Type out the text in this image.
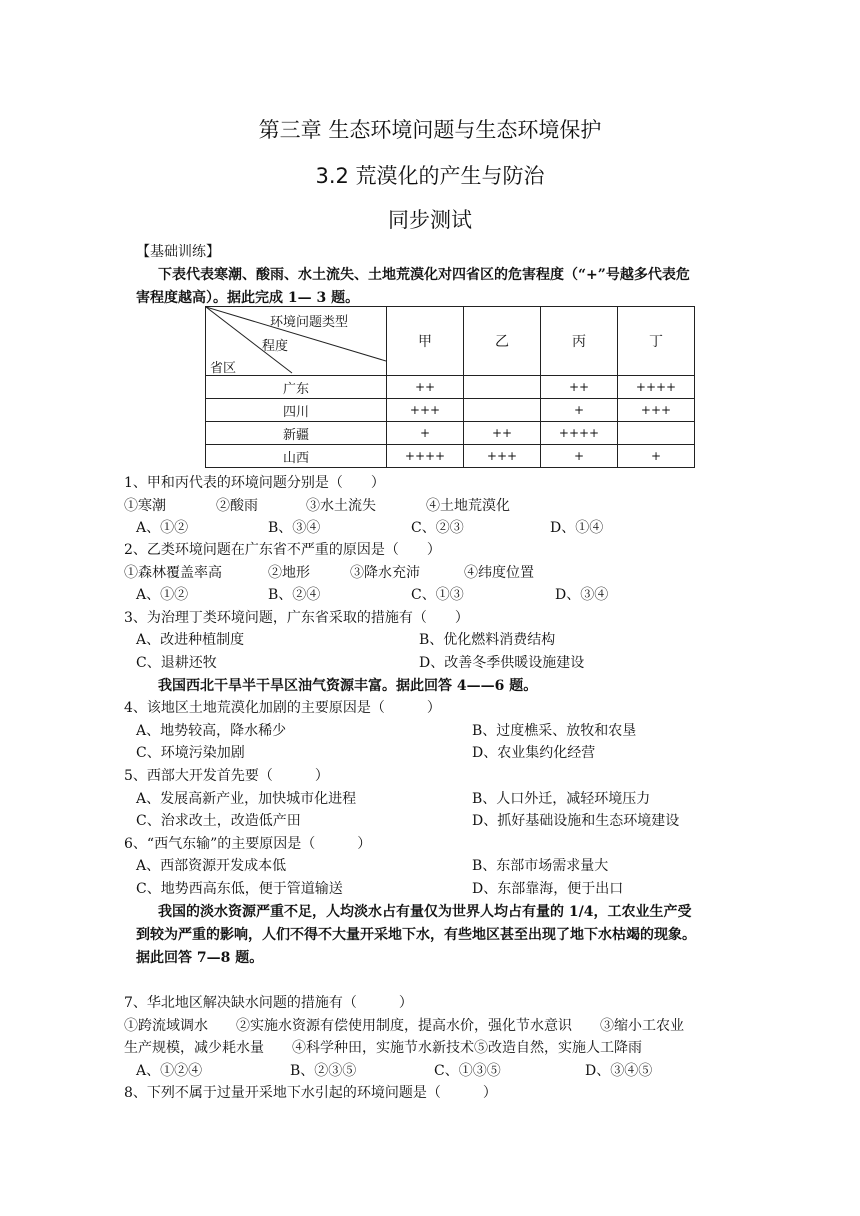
第三章 生态环境问题与生态环境保护
3.2 荒漠化的产生与防治
同步测试
【基础训练】
下表代表寒潮、酸雨、水土流失、土地荒漠化对四省区的危害程度（“+”号越多代表危
害程度越高）。据此完成 1— 3 题。
环境问题类型
程度
省区	甲	乙	丙	丁
广东	++		++	++++
四川	+++		+	+++
新疆	+	++	++++	
山西	++++	+++	+	+
1、甲和丙代表的环境问题分别是（　　）
①寒潮	②酸雨	③水土流失	④土地荒漠化
A、①②	B、③④	C、②③	D、①④
2、乙类环境问题在广东省不严重的原因是（　　）
①森林覆盖率高	②地形	③降水充沛	④纬度位置
A、①②	B、②④	C、①③	D、③④
3、为治理丁类环境问题，广东省采取的措施有（　　）
A、改进种植制度	B、优化燃料消费结构
C、退耕还牧	D、改善冬季供暖设施建设
我国西北干旱半干旱区油气资源丰富。据此回答 4——6 题。
4、该地区土地荒漠化加剧的主要原因是（　　　）
A、地势较高，降水稀少	B、过度樵采、放牧和农垦
C、环境污染加剧	D、农业集约化经营
5、西部大开发首先要（　　　）
A、发展高新产业，加快城市化进程	B、人口外迁，减轻环境压力
C、治求改土，改造低产田	D、抓好基础设施和生态环境建设
6、“西气东输”的主要原因是（　　　）
A、西部资源开发成本低	B、东部市场需求量大
C、地势西高东低，便于管道输送	D、东部靠海，便于出口
我国的淡水资源严重不足，人均淡水占有量仅为世界人均占有量的 1/4，工农业生产受
到较为严重的影响，人们不得不大量开采地下水，有些地区甚至出现了地下水枯竭的现象。
据此回答 7—8 题。
7、华北地区解决缺水问题的措施有（　　　）
①跨流域调水　　②实施水资源有偿使用制度，提高水价，强化节水意识　　③缩小工农业
生产规模，减少耗水量　　④科学种田，实施节水新技术⑤改造自然，实施人工降雨
A、①②④	B、②③⑤	C、①③⑤	D、③④⑤
8、下列不属于过量开采地下水引起的环境问题是（　　　）
